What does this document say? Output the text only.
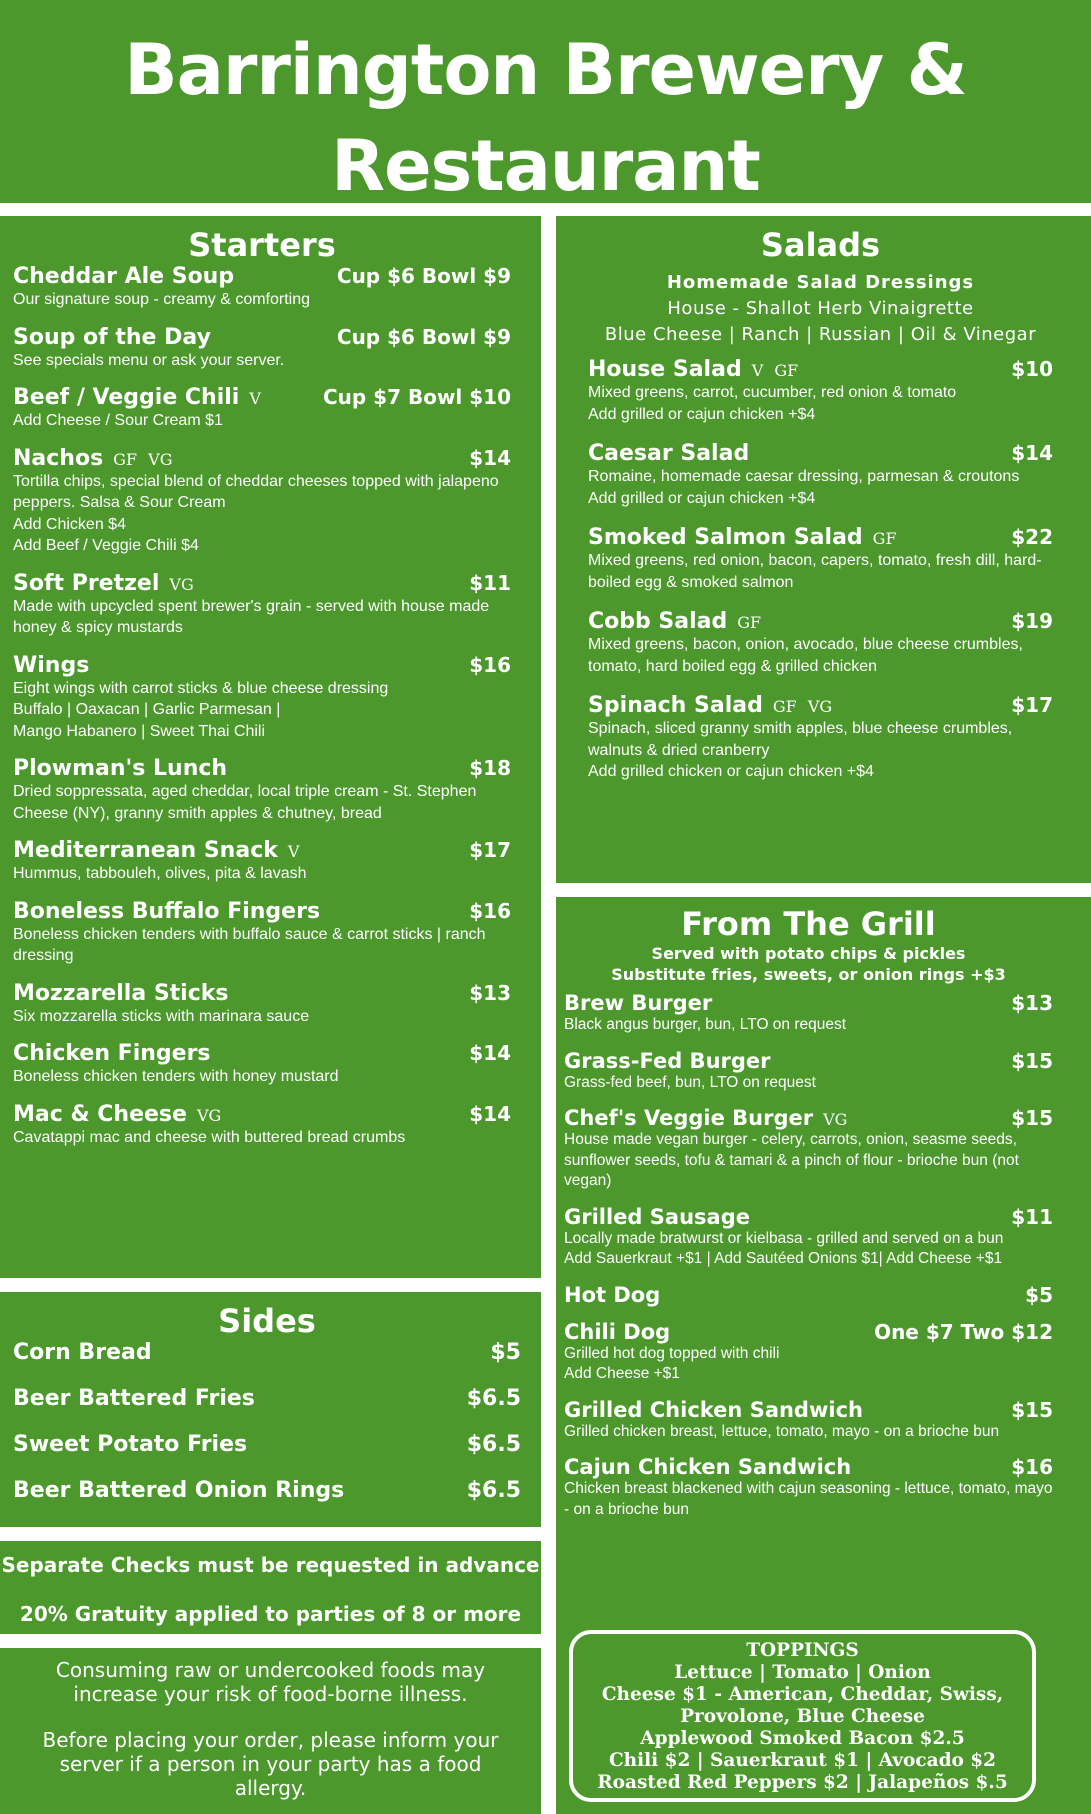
Barrington Brewery &
Restaurant
Starters
Cheddar Ale Soup	Cup $6 Bowl $9
Our signature soup - creamy & comforting
Soup of the Day	Cup $6 Bowl $9
See specials menu or ask your server.
Beef / Veggie Chili V	Cup $7 Bowl $10
Add Cheese / Sour Cream $1
Nachos GF VG	$14
Tortilla chips, special blend of cheddar cheeses topped with jalapeno peppers. Salsa & Sour Cream
Add Chicken $4
Add Beef / Veggie Chili $4
Soft Pretzel VG	$11
Made with upcycled spent brewer's grain - served with house made honey & spicy mustards
Wings	$16
Eight wings with carrot sticks & blue cheese dressing
Buffalo | Oaxacan | Garlic Parmesan |
Mango Habanero | Sweet Thai Chili
Plowman's Lunch	$18
Dried soppressata, aged cheddar, local triple cream - St. Stephen Cheese (NY), granny smith apples & chutney, bread
Mediterranean Snack V	$17
Hummus, tabbouleh, olives, pita & lavash
Boneless Buffalo Fingers	$16
Boneless chicken tenders with buffalo sauce & carrot sticks | ranch dressing
Mozzarella Sticks	$13
Six mozzarella sticks with marinara sauce
Chicken Fingers	$14
Boneless chicken tenders with honey mustard
Mac & Cheese VG	$14
Cavatappi mac and cheese with buttered bread crumbs
Sides
Corn Bread	$5
Beer Battered Fries	$6.5
Sweet Potato Fries	$6.5
Beer Battered Onion Rings	$6.5
Separate Checks must be requested in advance
20% Gratuity applied to parties of 8 or more
Consuming raw or undercooked foods may increase your risk of food-borne illness.
Before placing your order, please inform your server if a person in your party has a food allergy.
Salads
Homemade Salad Dressings
House - Shallot Herb Vinaigrette
Blue Cheese | Ranch | Russian | Oil & Vinegar
House Salad V GF	$10
Mixed greens, carrot, cucumber, red onion & tomato
Add grilled or cajun chicken +$4
Caesar Salad	$14
Romaine, homemade caesar dressing, parmesan & croutons
Add grilled or cajun chicken +$4
Smoked Salmon Salad GF	$22
Mixed greens, red onion, bacon, capers, tomato, fresh dill, hard-boiled egg & smoked salmon
Cobb Salad GF	$19
Mixed greens, bacon, onion, avocado, blue cheese crumbles, tomato, hard boiled egg & grilled chicken
Spinach Salad GF VG	$17
Spinach, sliced granny smith apples, blue cheese crumbles, walnuts & dried cranberry
Add grilled chicken or cajun chicken +$4
From The Grill
Served with potato chips & pickles
Substitute fries, sweets, or onion rings +$3
Brew Burger	$13
Black angus burger, bun, LTO on request
Grass-Fed Burger	$15
Grass-fed beef, bun, LTO on request
Chef's Veggie Burger VG	$15
House made vegan burger - celery, carrots, onion, seasme seeds, sunflower seeds, tofu & tamari & a pinch of flour - brioche bun (not vegan)
Grilled Sausage	$11
Locally made bratwurst or kielbasa - grilled and served on a bun
Add Sauerkraut +$1 | Add Sautéed Onions $1| Add Cheese +$1
Hot Dog	$5
Chili Dog	One $7 Two $12
Grilled hot dog topped with chili
Add Cheese +$1
Grilled Chicken Sandwich	$15
Grilled chicken breast, lettuce, tomato, mayo - on a brioche bun
Cajun Chicken Sandwich	$16
Chicken breast blackened with cajun seasoning - lettuce, tomato, mayo - on a brioche bun
TOPPINGS
Lettuce | Tomato | Onion
Cheese $1 - American, Cheddar, Swiss,
Provolone, Blue Cheese
Applewood Smoked Bacon $2.5
Chili $2 | Sauerkraut $1 | Avocado $2
Roasted Red Peppers $2 | Jalapeños $.5
